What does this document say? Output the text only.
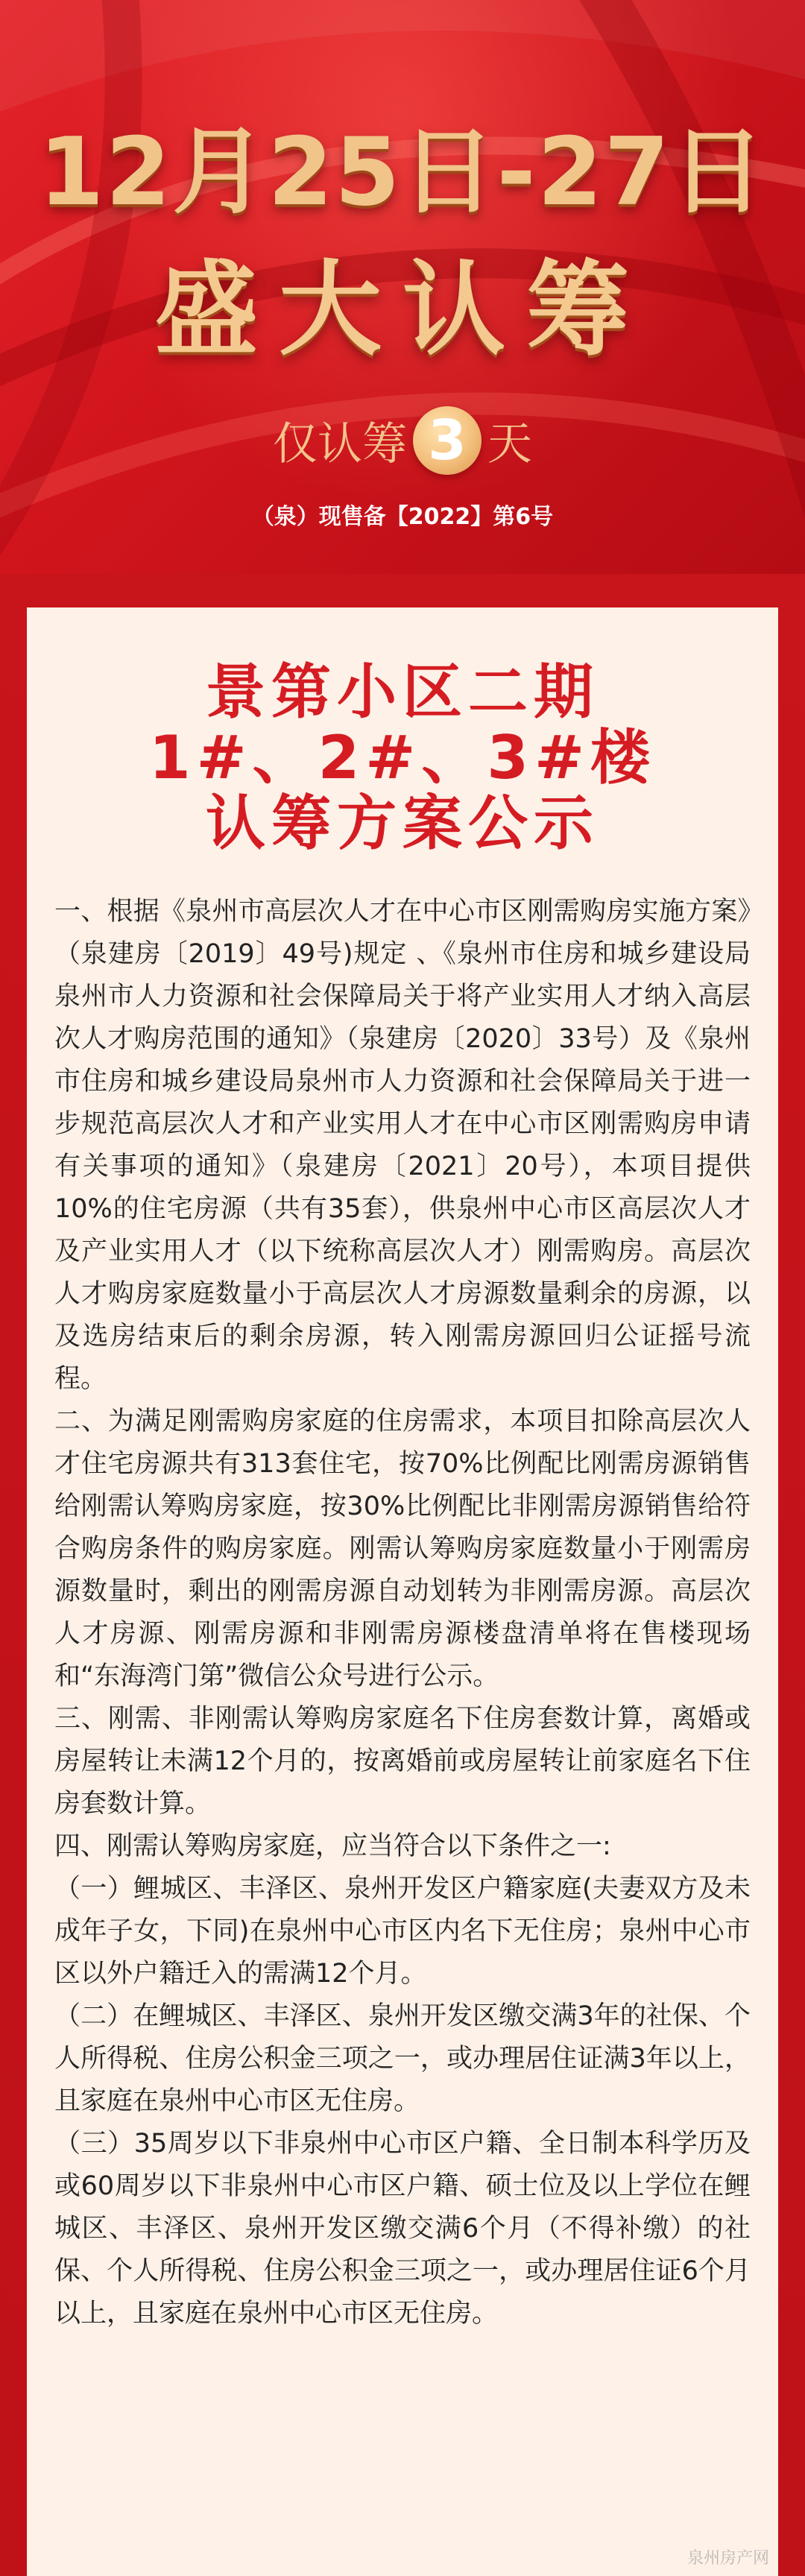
12月25日-27日
盛大认筹
仅认筹 3 天
（泉）现售备【2022】第6号
景第小区二期
1#、2#、3#楼
认筹方案公示

一、根据《泉州市高层次人才在中心市区刚需购房实施方案》（泉建房〔2019〕49号)规定 、《泉州市住房和城乡建设局泉州市人力资源和社会保障局关于将产业实用人才纳入高层次人才购房范围的通知》（泉建房〔2020〕33号）及《泉州市住房和城乡建设局泉州市人力资源和社会保障局关于进一步规范高层次人才和产业实用人才在中心市区刚需购房申请有关事项的通知》（泉建房〔2021〕20号），本项目提供10%的住宅房源（共有35套），供泉州中心市区高层次人才及产业实用人才（以下统称高层次人才）刚需购房。高层次人才购房家庭数量小于高层次人才房源数量剩余的房源，以及选房结束后的剩余房源，转入刚需房源回归公证摇号流程。

二、为满足刚需购房家庭的住房需求，本项目扣除高层次人才住宅房源共有313套住宅，按70%比例配比刚需房源销售给刚需认筹购房家庭，按30%比例配比非刚需房源销售给符合购房条件的购房家庭。刚需认筹购房家庭数量小于刚需房源数量时，剩出的刚需房源自动划转为非刚需房源。高层次人才房源、刚需房源和非刚需房源楼盘清单将在售楼现场和“东海湾门第”微信公众号进行公示。

三、刚需、非刚需认筹购房家庭名下住房套数计算，离婚或房屋转让未满12个月的，按离婚前或房屋转让前家庭名下住房套数计算。

四、刚需认筹购房家庭，应当符合以下条件之一:

（一）鲤城区、丰泽区、泉州开发区户籍家庭(夫妻双方及未成年子女，下同)在泉州中心市区内名下无住房；泉州中心市区以外户籍迁入的需满12个月。

（二）在鲤城区、丰泽区、泉州开发区缴交满3年的社保、个人所得税、住房公积金三项之一，或办理居住证满3年以上，且家庭在泉州中心市区无住房。

（三）35周岁以下非泉州中心市区户籍、全日制本科学历及或60周岁以下非泉州中心市区户籍、硕士位及以上学位在鲤城区、丰泽区、泉州开发区缴交满6个月（不得补缴）的社保、个人所得税、住房公积金三项之一，或办理居住证6个月以上，且家庭在泉州中心市区无住房。

泉州房产网
